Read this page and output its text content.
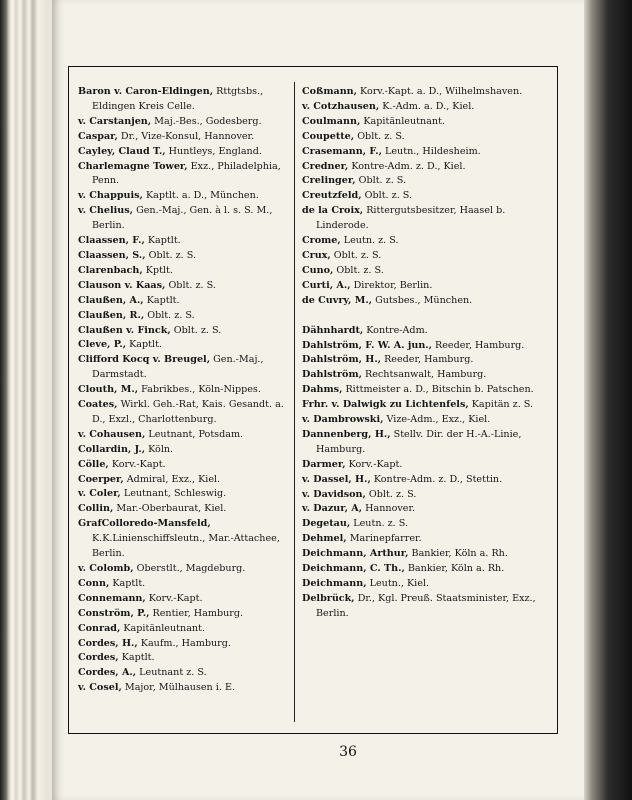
Baron v. Caron-Eldingen, Rttgtsbs., Eldingen Kreis Celle.

v. Carstanjen, Maj.-Bes., Godesberg.

Caspar, Dr., Vize-Konsul, Hannover.

Cayley, Claud T., Huntleys, England.

Charlemagne Tower, Exz., Philadelphia, Penn.

v. Chappuis, Kaptlt. a. D., München.

v. Chelius, Gen.-Maj., Gen. à l. s. S. M., Berlin.

Claassen, F., Kaptlt.

Claassen, S., Oblt. z. S.

Clarenbach, Kptlt.

Clauson v. Kaas, Oblt. z. S.

Claußen, A., Kaptlt.

Claußen, R., Oblt. z. S.

Claußen v. Finck, Oblt. z. S.

Cleve, P., Kaptlt.

Clifford Kocq v. Breugel, Gen.-Maj., Darmstadt.

Clouth, M., Fabrikbes., Köln-Nippes.

Coates, Wirkl. Geh.-Rat, Kais. Gesandt. a. D., Exzl., Charlottenburg.

v. Cohausen, Leutnant, Potsdam.

Collardin, J., Köln.

Cölle, Korv.-Kapt.

Coerper, Admiral, Exz., Kiel.

v. Coler, Leutnant, Schleswig.

Collin, Mar.-Oberbaurat, Kiel.

GrafColloredo-Mansfeld, K.K.Linienschiffsleutn., Mar.-Attachee, Berlin.

v. Colomb, Oberstlt., Magdeburg.

Conn, Kaptlt.

Connemann, Korv.-Kapt.

Conström, P., Rentier, Hamburg.

Conrad, Kapitänleutnant.

Cordes, H., Kaufm., Hamburg.

Cordes, Kaptlt.

Cordes, A., Leutnant z. S.

v. Cosel, Major, Mülhausen i. E.

Coßmann, Korv.-Kapt. a. D., Wilhelmshaven.

v. Cotzhausen, K.-Adm. a. D., Kiel.

Coulmann, Kapitänleutnant.

Coupette, Oblt. z. S.

Crasemann, F., Leutn., Hildesheim.

Credner, Kontre-Adm. z. D., Kiel.

Crelinger, Oblt. z. S.

Creutzfeld, Oblt. z. S.

de la Croix, Rittergutsbesitzer, Haasel b. Linderode.

Crome, Leutn. z. S.

Crux, Oblt. z. S.

Cuno, Oblt. z. S.

Curti, A., Direktor, Berlin.

de Cuvry, M., Gutsbes., München.

Dähnhardt, Kontre-Adm.

Dahlström, F. W. A. jun., Reeder, Hamburg.

Dahlström, H., Reeder, Hamburg.

Dahlström, Rechtsanwalt, Hamburg.

Dahms, Rittmeister a. D., Bitschin b. Patschen.

Frhr. v. Dalwigk zu Lichtenfels, Kapitän z. S.

v. Dambrowski, Vize-Adm., Exz., Kiel.

Dannenberg, H., Stellv. Dir. der H.-A.-Linie, Hamburg.

Darmer, Korv.-Kapt.

v. Dassel, H., Kontre-Adm. z. D., Stettin.

v. Davidson, Oblt. z. S.

v. Dazur, A, Hannover.

Degetau, Leutn. z. S.

Dehmel, Marinepfarrer.

Deichmann, Arthur, Bankier, Köln a. Rh.

Deichmann, C. Th., Bankier, Köln a. Rh.

Deichmann, Leutn., Kiel.

Delbrück, Dr., Kgl. Preuß. Staatsminister, Exz., Berlin.

36
